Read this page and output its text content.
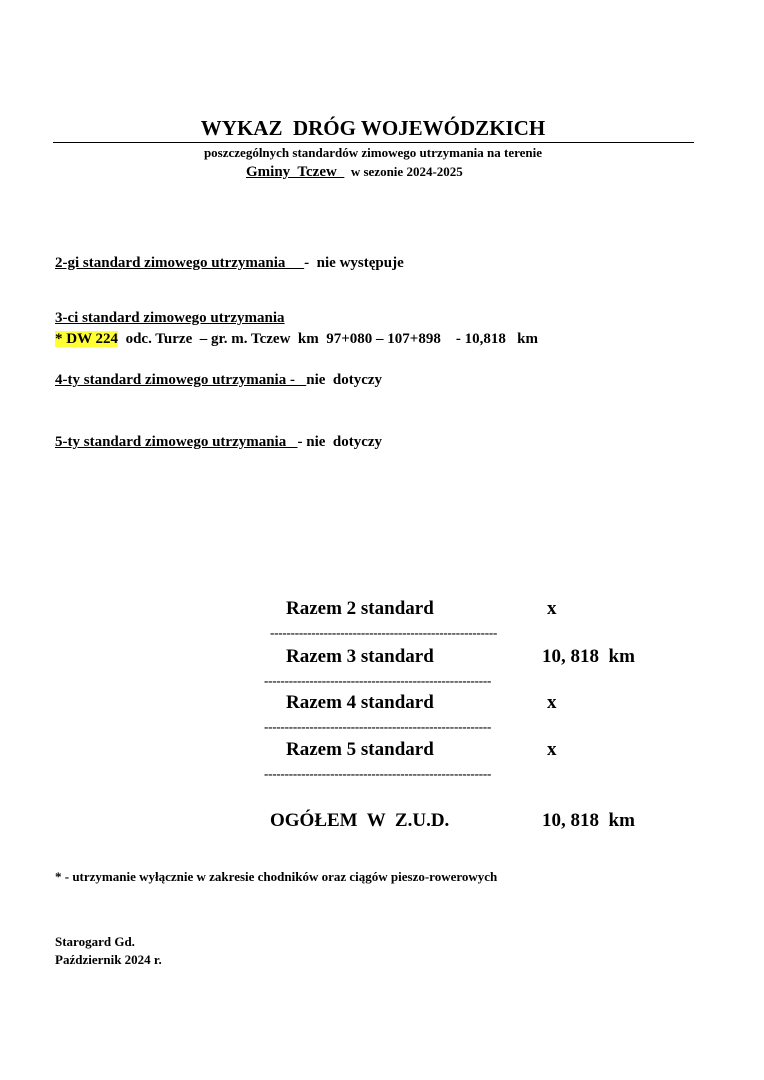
WYKAZ  DRÓG WOJEWÓDZKICH
poszczególnych standardów zimowego utrzymania na terenie
Gminy  Tczew    w sezonie 2024-2025
2-gi standard zimowego utrzymania     -  nie występuje
3-ci standard zimowego utrzymania
* DW 224  odc. Turze  – gr. m. Tczew  km  97+080 – 107+898    - 10,818   km
4-ty standard zimowego utrzymania -   nie  dotyczy
5-ty standard zimowego utrzymania   - nie  dotyczy
Razem 2 standard	x
-------------------------------------------------------
Razem 3 standard	10, 818  km
-------------------------------------------------------
Razem 4 standard	x
-------------------------------------------------------
Razem 5 standard	x
-------------------------------------------------------
OGÓŁEM  W  Z.U.D.	10, 818  km
* - utrzymanie wyłącznie w zakresie chodników oraz ciągów pieszo-rowerowych
Starogard Gd.
Październik 2024 r.
